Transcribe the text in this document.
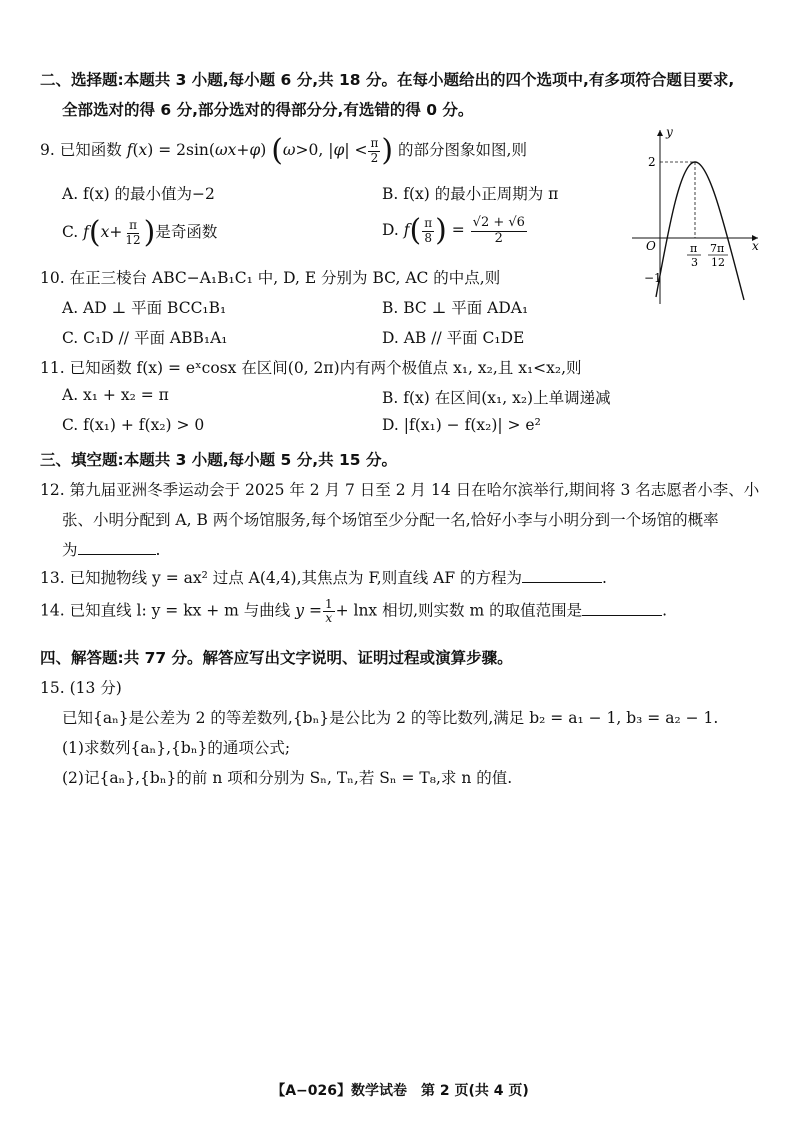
二、选择题:本题共 3 小题,每小题 6 分,共 18 分。在每小题给出的四个选项中,有多项符合题目要求,
全部选对的得 6 分,部分选对的得部分分,有选错的得 0 分。
9. 已知函数 f(x) = 2sin(ωx+φ) (ω>0, $|\varphi| < \frac{\pi}{2}$ ) 的部分图象如图,则
A. f(x) 的最小值为−2	B. f(x) 的最小正周期为 π
C. $f(x+ \frac{\pi}{12}$ )是奇函数	D. $f( \frac{\pi}{8}$ ) = $\frac{√2 + √6}{2}$
y
x
O
2
−1
π
3
7π
12
10. 在正三棱台 ABC−A₁B₁C₁ 中, D, E 分别为 BC, AC 的中点,则
A. AD ⊥ 平面 BCC₁B₁	B. BC ⊥ 平面 ADA₁
C. C₁D // 平面 ABB₁A₁	D. AB // 平面 C₁DE
11. 已知函数 f(x) = eˣcosx 在区间(0, 2π)内有两个极值点 x₁, x₂,且 x₁<x₂,则
A. x₁ + x₂ = π	B. f(x) 在区间(x₁, x₂)上单调递减
C. f(x₁) + f(x₂) > 0	D. |f(x₁) − f(x₂)| > e²
三、填空题:本题共 3 小题,每小题 5 分,共 15 分。
12. 第九届亚洲冬季运动会于 2025 年 2 月 7 日至 2 月 14 日在哈尔滨举行,期间将 3 名志愿者小李、小
张、小明分配到 A, B 两个场馆服务,每个场馆至少分配一名,恰好小李与小明分到一个场馆的概率
为	.
13. 已知抛物线 y = ax² 过点 A(4,4),其焦点为 F,则直线 AF 的方程为	.
14. 已知直线 l: y = kx + m 与曲线 $y = \frac{1}{x} + \ln x$ 相切,则实数 m 的取值范围是	.
四、解答题:共 77 分。解答应写出文字说明、证明过程或演算步骤。
15. (13 分)
已知{aₙ}是公差为 2 的等差数列,{bₙ}是公比为 2 的等比数列,满足 b₂ = a₁ − 1, b₃ = a₂ − 1.
(1)求数列{aₙ},{bₙ}的通项公式;
(2)记{aₙ},{bₙ}的前 n 项和分别为 Sₙ, Tₙ,若 Sₙ = T₈,求 n 的值.
【A−026】数学试卷　第 2 页(共 4 页)
